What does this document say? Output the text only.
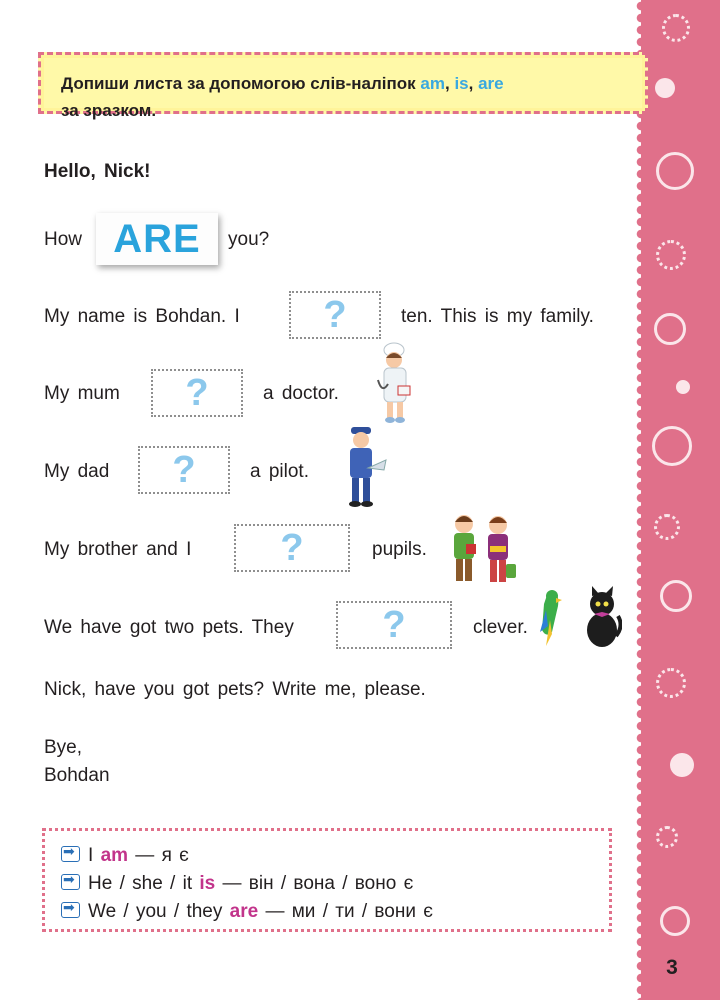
3
Допиши листа за допомогою слів-наліпок am, is, are
за зразком.
Hello, Nick!
How ARE	you?
My name is Bohdan. I	?	ten. This is my family.
My mum	?	a doctor.
My dad	?	a pilot.
My brother and I	?	pupils.
We have got two pets. They	?	clever.
Nick, have you got pets? Write me, please.
Bye,
Bohdan
➡I am — я є
➡He / she / it is — він / вона / воно є
➡We / you / they are — ми / ти / вони є
